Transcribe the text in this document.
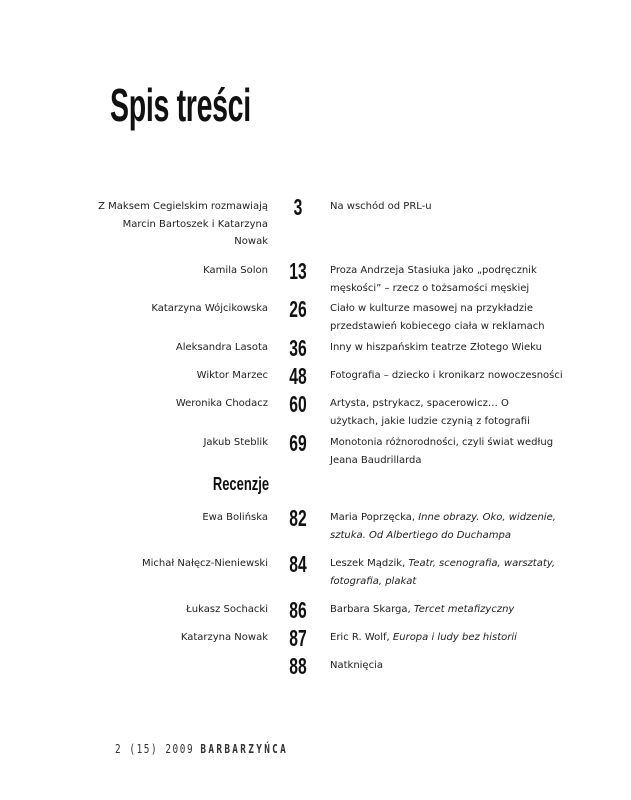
Spis treści
Z Maksem Cegielskim rozmawiają Marcin Bartoszek i Katarzyna Nowak
3	Na wschód od PRL-u
Kamila Solon 13 Proza Andrzeja Stasiuka jako „podręcznik męskości” – rzecz o tożsamości męskiej
Katarzyna Wójcikowska 26 Ciało w kulturze masowej na przykładzie przedstawień kobiecego ciała w reklamach
Aleksandra Lasota 36 Inny w hiszpańskim teatrze Złotego Wieku
Wiktor Marzec 48 Fotografia – dziecko i kronikarz nowoczesności
Weronika Chodacz 60 Artysta, pstrykacz, spacerowicz… O użytkach, jakie ludzie czynią z fotografii
Jakub Steblik 69 Monotonia różnorodności, czyli świat według Jeana Baudrillarda
Recenzje
Ewa Bolińska 82 Maria Poprzęcka, Inne obrazy. Oko, widzenie, sztuka. Od Albertiego do Duchampa
Michał Nałęcz-Nieniewski 84 Leszek Mądzik, Teatr, scenografia, warsztaty, fotografia, plakat
Łukasz Sochacki 86 Barbara Skarga, Tercet metafizyczny
Katarzyna Nowak 87 Eric R. Wolf, Europa i ludy bez historii
88 Natknięcia
2 (15) 2009 BARBARZYŃCA
